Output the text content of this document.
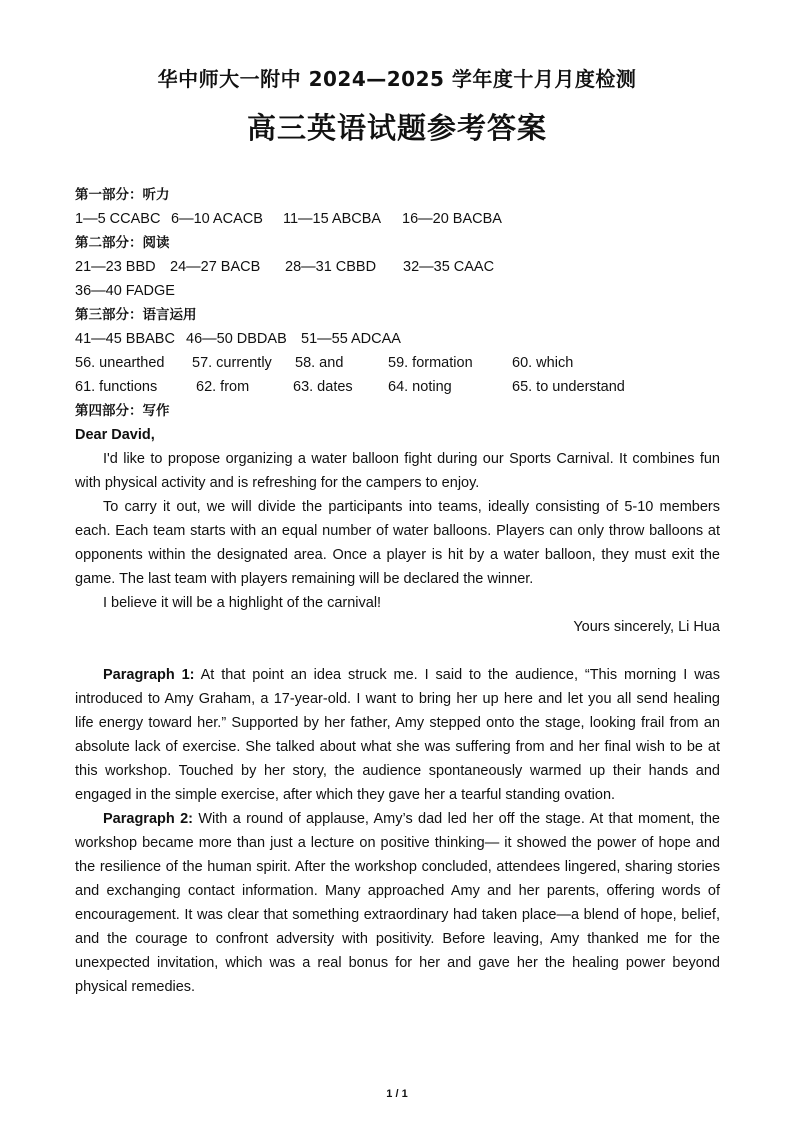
华中师大一附中 2024—2025 学年度十月月度检测
高三英语试题参考答案
第一部分：听力
1—5 CCABC 6—10 ACACB 11—15 ABCBA 16—20 BACBA
第二部分：阅读
21—23 BBD 24—27 BACB 28—31 CBBD 32—35 CAAC
36—40 FADGE
第三部分：语言运用
41—45 BBABC 46—50 DBDAB 51—55 ADCAA
56. unearthed 57. currently 58. and	59. formation	60. which
61. functions	62. from	63. dates 64. noting	65. to understand
第四部分：写作
Dear David,

I'd like to propose organizing a water balloon fight during our Sports Carnival. It combines fun with physical activity and is refreshing for the campers to enjoy.

To carry it out, we will divide the participants into teams, ideally consisting of 5-10 members each. Each team starts with an equal number of water balloons. Players can only throw balloons at opponents within the designated area. Once a player is hit by a water balloon, they must exit the game. The last team with players remaining will be declared the winner.

I believe it will be a highlight of the carnival!

Yours sincerely, Li Hua

Paragraph 1: At that point an idea struck me. I said to the audience, “This morning I was introduced to Amy Graham, a 17-year-old. I want to bring her up here and let you all send healing life energy toward her.” Supported by her father, Amy stepped onto the stage, looking frail from an absolute lack of exercise. She talked about what she was suffering from and her final wish to be at this workshop. Touched by her story, the audience spontaneously warmed up their hands and engaged in the simple exercise, after which they gave her a tearful standing ovation.

Paragraph 2: With a round of applause, Amy’s dad led her off the stage. At that moment, the workshop became more than just a lecture on positive thinking— it showed the power of hope and the resilience of the human spirit. After the workshop concluded, attendees lingered, sharing stories and exchanging contact information. Many approached Amy and her parents, offering words of encouragement. It was clear that something extraordinary had taken place—a blend of hope, belief, and the courage to confront adversity with positivity. Before leaving, Amy thanked me for the unexpected invitation, which was a real bonus for her and gave her the healing power beyond physical remedies.

1 / 1
